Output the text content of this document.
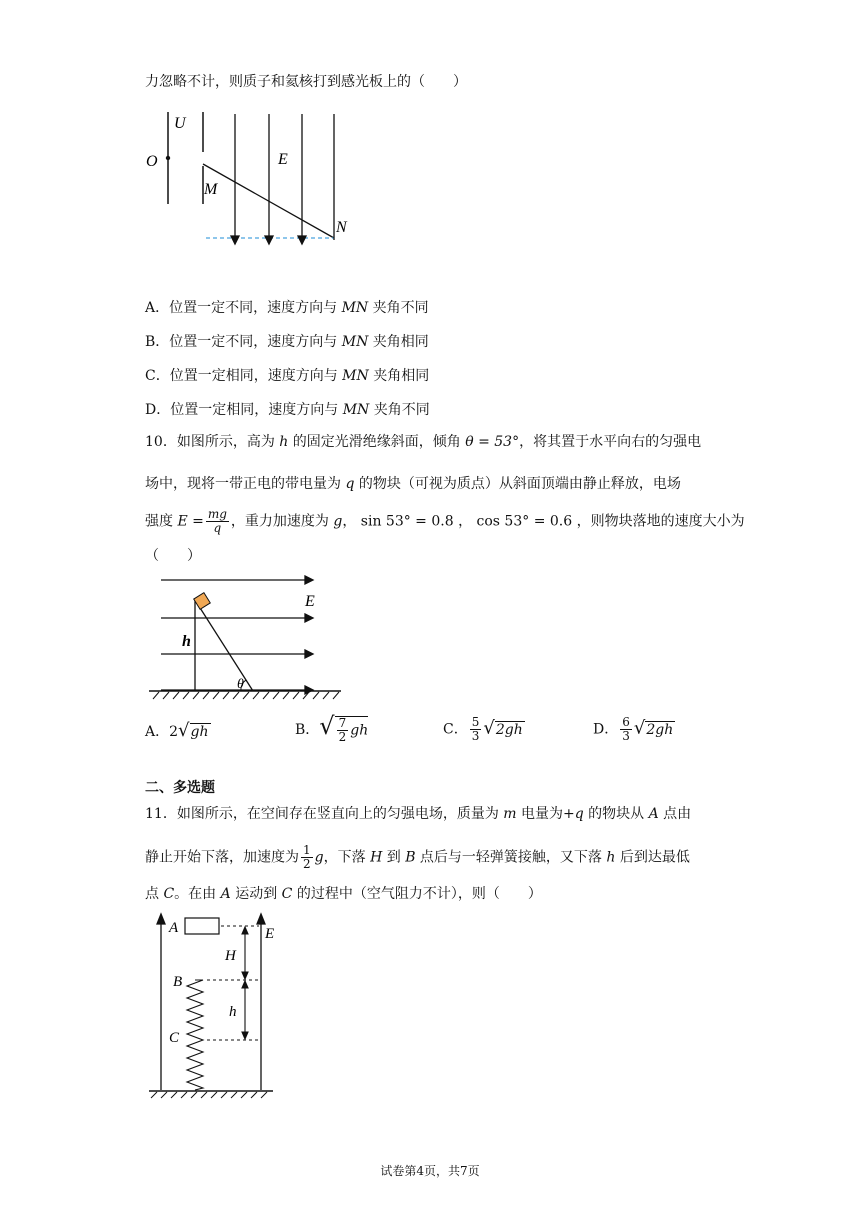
力忽略不计，则质子和氦核打到感光板上的（　　）
U
O
M
E
N
A．位置一定不同，速度方向与 MN 夹角不同
B．位置一定不同，速度方向与 MN 夹角相同
C．位置一定相同，速度方向与 MN 夹角相同
D．位置一定相同，速度方向与 MN 夹角不同
10．如图所示，高为 h 的固定光滑绝缘斜面，倾角 θ = 53°，将其置于水平向右的匀强电
场中，现将一带正电的带电量为 q 的物块（可视为质点）从斜面顶端由静止释放，电场
强度 $E = \frac{mg}{q}$ ，重力加速度为 g， sin 53° = 0.8 ， cos 53° = 0.6 ，则物块落地的速度大小为
（　　）
E
h
θ
A．2√gh	B．√ $\frac{7}{2}$ gh	C． $\frac{5}{3} √2gh$	D． $\frac{6}{3} √2gh$
二、多选题
11．如图所示，在空间存在竖直向上的匀强电场，质量为 m 电量为+q 的物块从 A 点由
静止开始下落，加速度为 $\frac{1}{2}$ g，下落 H 到 B 点后与一轻弹簧接触，又下落 h 后到达最低
点 C。在由 A 运动到 C 的过程中（空气阻力不计），则（　　）
A	E
H
B
h
C
试卷第4页，共7页
